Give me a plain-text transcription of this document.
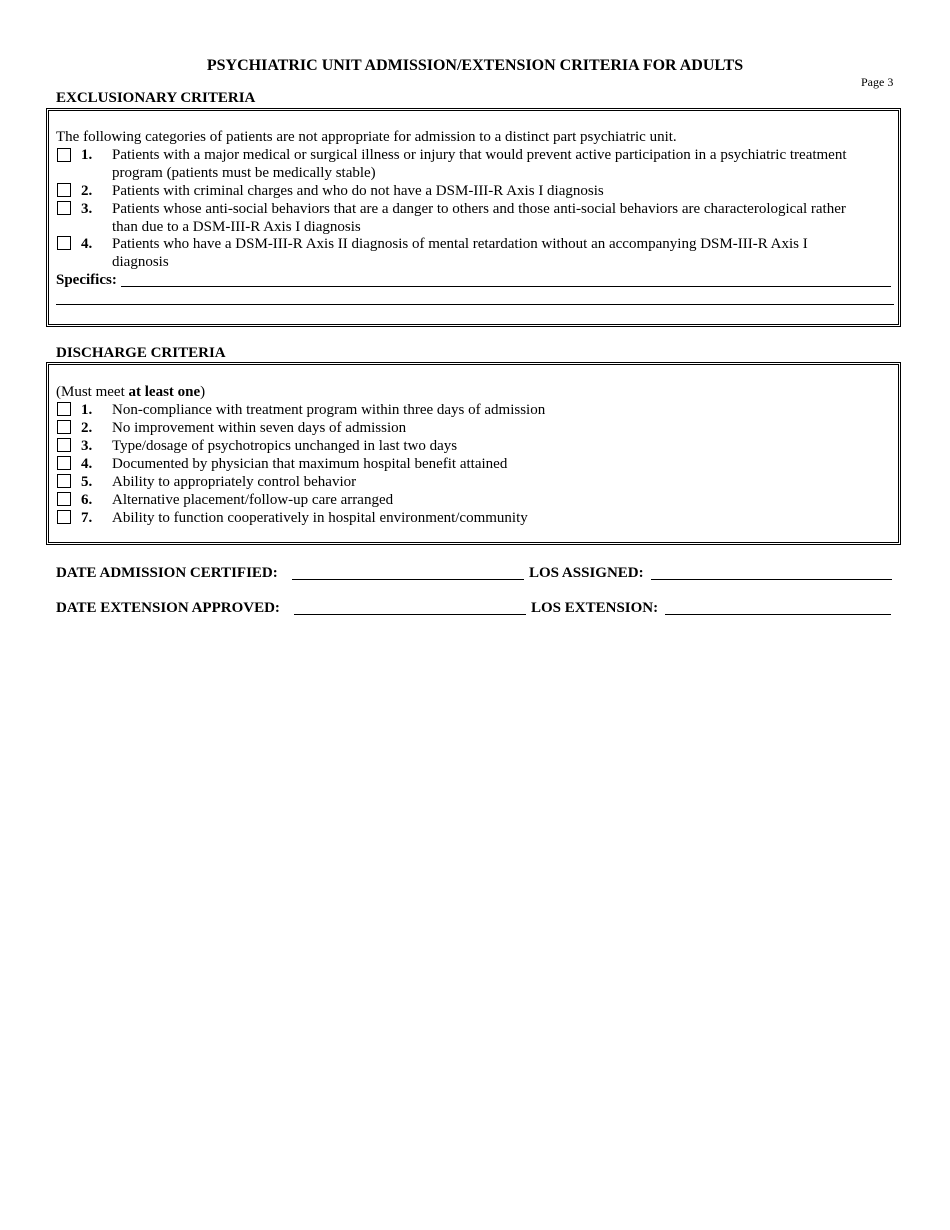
PSYCHIATRIC UNIT ADMISSION/EXTENSION CRITERIA FOR ADULTS
Page 3
EXCLUSIONARY CRITERIA
The following categories of patients are not appropriate for admission to a distinct part psychiatric unit.
1. Patients with a major medical or surgical illness or injury that would prevent active participation in a psychiatric treatment
program (patients must be medically stable)
2. Patients with criminal charges and who do not have a DSM-III-R Axis I diagnosis
3. Patients whose anti-social behaviors that are a danger to others and those anti-social behaviors are characterological rather
than due to a DSM-III-R Axis I diagnosis
4. Patients who have a DSM-III-R Axis II diagnosis of mental retardation without an accompanying DSM-III-R Axis I
diagnosis
Specifics:
DISCHARGE CRITERIA
(Must meet at least one)
1. Non-compliance with treatment program within three days of admission
2. No improvement within seven days of admission
3. Type/dosage of psychotropics unchanged in last two days
4. Documented by physician that maximum hospital benefit attained
5. Ability to appropriately control behavior
6. Alternative placement/follow-up care arranged
7. Ability to function cooperatively in hospital environment/community
DATE ADMISSION CERTIFIED:	LOS ASSIGNED:
DATE EXTENSION APPROVED:	LOS EXTENSION:
